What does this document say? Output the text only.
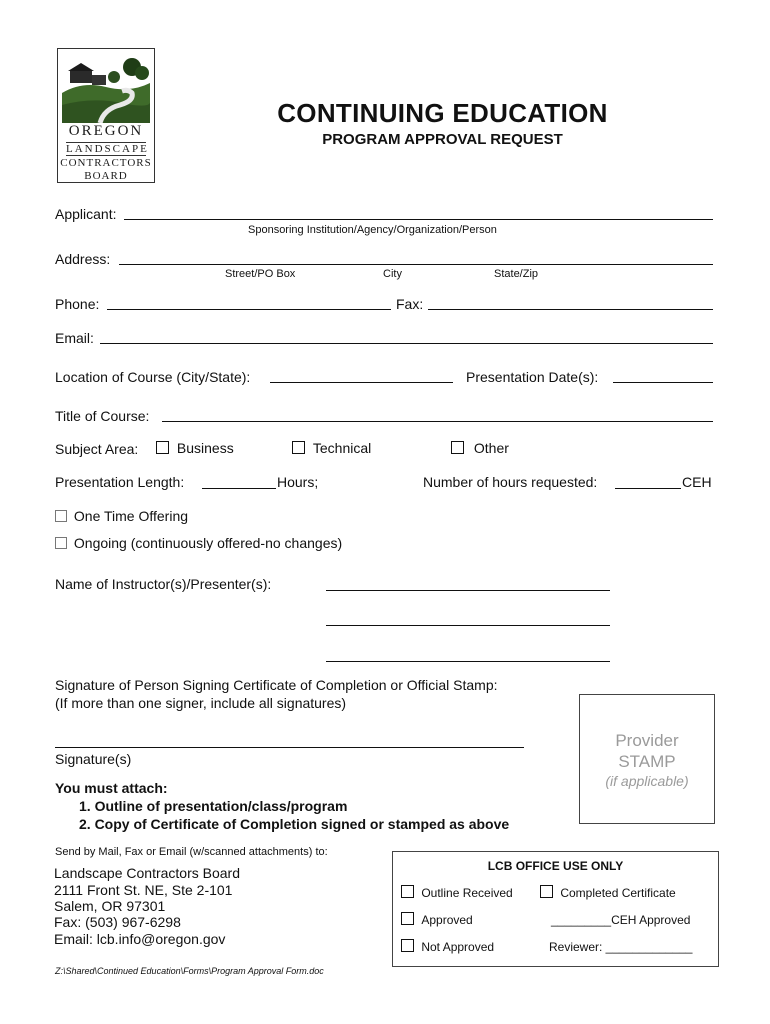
OREGON
LANDSCAPE
CONTRACTORS
BOARD
CONTINUING EDUCATION
PROGRAM APPROVAL REQUEST
Applicant:
Sponsoring Institution/Agency/Organization/Person
Address:
Street/PO Box	City	State/Zip
Phone:	Fax:
Email:
Location of Course (City/State):	Presentation Date(s):
Title of Course:
Subject Area:	Business	Technical	Other
Presentation Length:	Hours;	Number of hours requested:	CEH
One Time Offering
Ongoing (continuously offered-no changes)
Name of Instructor(s)/Presenter(s):
Signature of Person Signing Certificate of Completion or Official Stamp:
(If more than one signer, include all signatures)
Signature(s)
Provider
STAMP
(if applicable)
You must attach:
1. Outline of presentation/class/program
2. Copy of Certificate of Completion signed or stamped as above
Send by Mail, Fax or Email (w/scanned attachments) to:
Landscape Contractors Board
2111 Front St. NE, Ste 2-101
Salem, OR 97301
Fax: (503) 967-6298
Email: lcb.info@oregon.gov
LCB OFFICE USE ONLY
Outline Received	Completed Certificate
Approved	_________CEH Approved
Not Approved	Reviewer: _____________
Z:\Shared\Continued Education\Forms\Program Approval Form.doc
